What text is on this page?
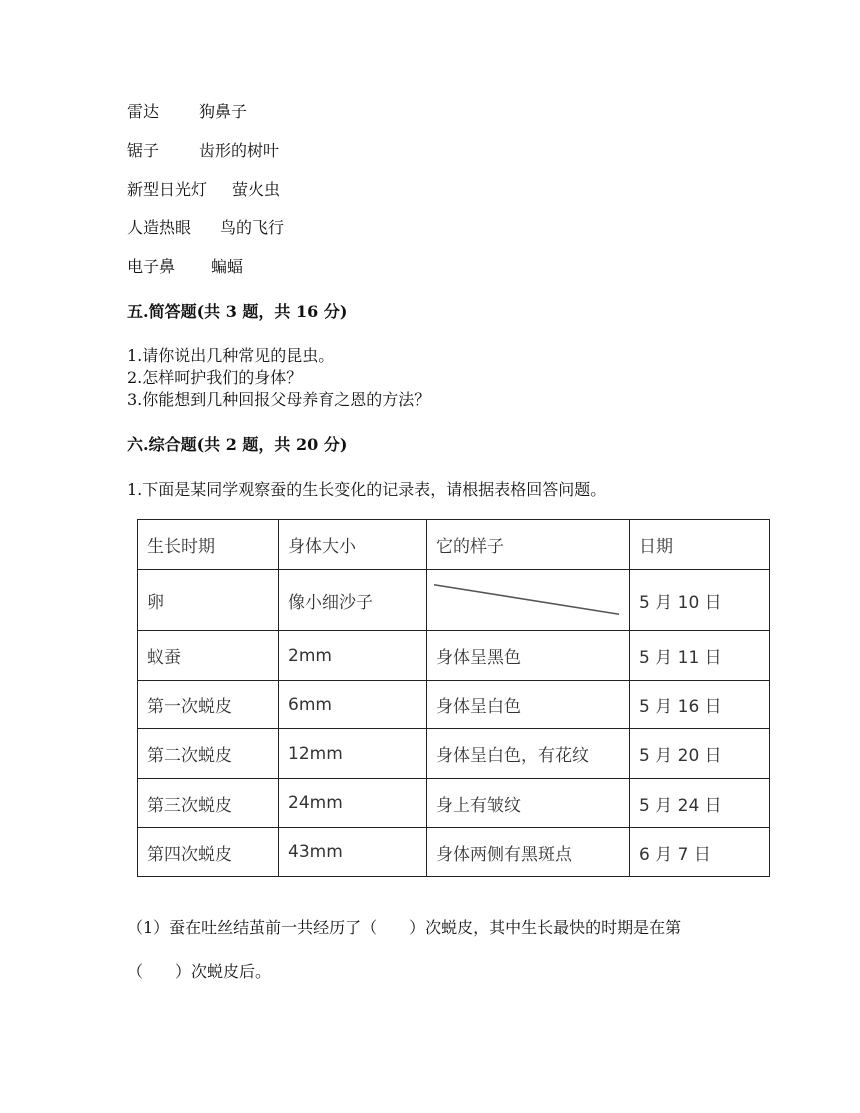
雷达 狗鼻子
锯子 齿形的树叶
新型日光灯 萤火虫
人造热眼 鸟的飞行
电子鼻 蝙蝠
五.简答题(共 3 题，共 16 分)
1.请你说出几种常见的昆虫。
2.怎样呵护我们的身体？
3.你能想到几种回报父母养育之恩的方法？
六.综合题(共 2 题，共 20 分)
1.下面是某同学观察蚕的生长变化的记录表，请根据表格回答问题。
生长时期	身体大小	它的样子	日期
卵	像小细沙子		5 月 10 日
蚁蚕	2mm	身体呈黑色	5 月 11 日
第一次蜕皮	6mm	身体呈白色	5 月 16 日
第二次蜕皮	12mm	身体呈白色，有花纹	5 月 20 日
第三次蜕皮	24mm	身上有皱纹	5 月 24 日
第四次蜕皮	43mm	身体两侧有黑斑点	6 月 7 日
（1）蚕在吐丝结茧前一共经历了（　　）次蜕皮，其中生长最快的时期是在第
（　　）次蜕皮后。
